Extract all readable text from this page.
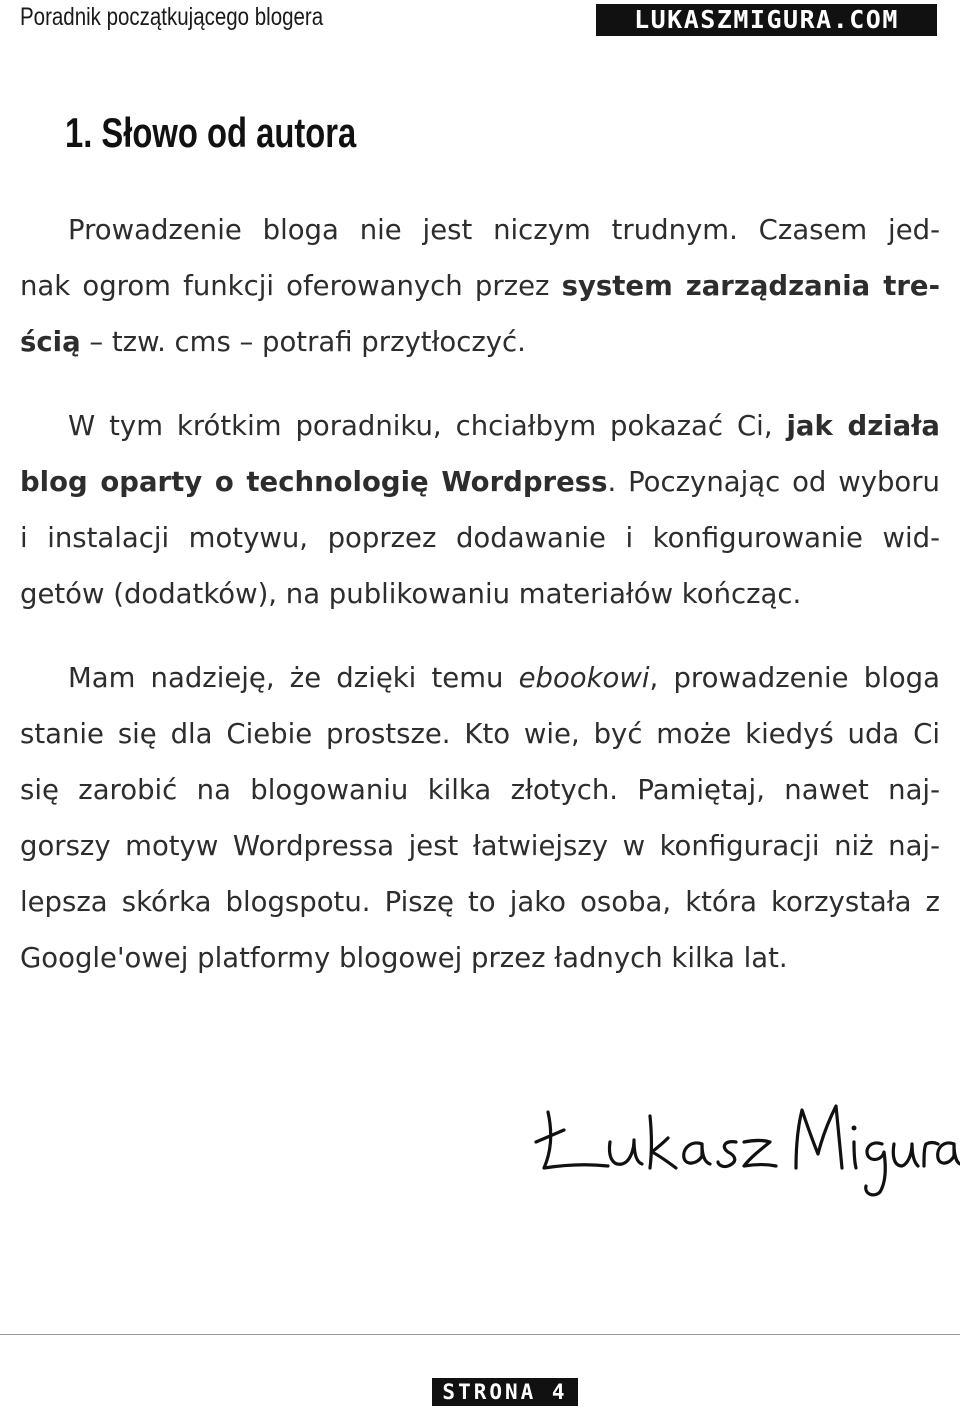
Poradnik początkującego blogera	LUKASZMIGURA.COM
1. Słowo od autora
Prowadzenie bloga nie jest niczym trudnym. Czasem jed-
nak ogrom funkcji oferowanych przez system zarządzania tre-
ścią – tzw. cms – potrafi przytłoczyć.
W tym krótkim poradniku, chciałbym pokazać Ci, jak działa
blog oparty o technologię Wordpress. Poczynając od wyboru
i instalacji motywu, poprzez dodawanie i konfigurowanie wid-
getów (dodatków), na publikowaniu materiałów kończąc.
Mam nadzieję, że dzięki temu ebookowi, prowadzenie bloga
stanie się dla Ciebie prostsze. Kto wie, być może kiedyś uda Ci
się zarobić na blogowaniu kilka złotych. Pamiętaj, nawet naj-
gorszy motyw Wordpressa jest łatwiejszy w konfiguracji niż naj-
lepsza skórka blogspotu. Piszę to jako osoba, która korzystała z
Google'owej platformy blogowej przez ładnych kilka lat.
STRONA 4
